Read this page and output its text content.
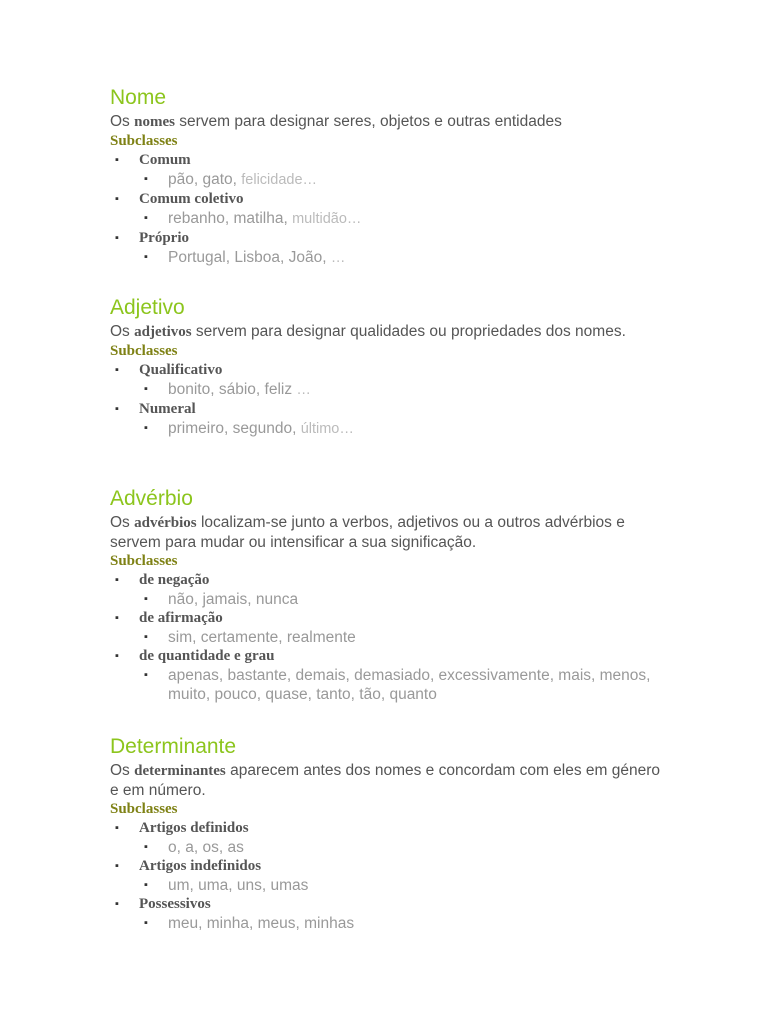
Nome

Os nomes servem para designar seres, objetos e outras entidades

Subclasses

▪	Comum
▪ pão, gato, felicidade…
▪	Comum coletivo
▪ rebanho, matilha, multidão…
▪	Próprio
▪ Portugal, Lisboa, João, …
Adjetivo

Os adjetivos servem para designar qualidades ou propriedades dos nomes.

Subclasses

▪	Qualificativo
▪ bonito, sábio, feliz …
▪	Numeral
▪ primeiro, segundo, último…
Advérbio

Os advérbios localizam-se junto a verbos, adjetivos ou a outros advérbios e servem para mudar ou intensificar a sua significação.

Subclasses

▪	de negação
▪ não, jamais, nunca
▪	de afirmação
▪ sim, certamente, realmente
▪	de quantidade e grau
▪ apenas, bastante, demais, demasiado, excessivamente, mais, menos, muito, pouco, quase, tanto, tão, quanto
Determinante

Os determinantes aparecem antes dos nomes e concordam com eles em género e em número.

Subclasses

▪	Artigos definidos
▪ o, a, os, as
▪	Artigos indefinidos
▪ um, uma, uns, umas
▪	Possessivos
▪ meu, minha, meus, minhas
